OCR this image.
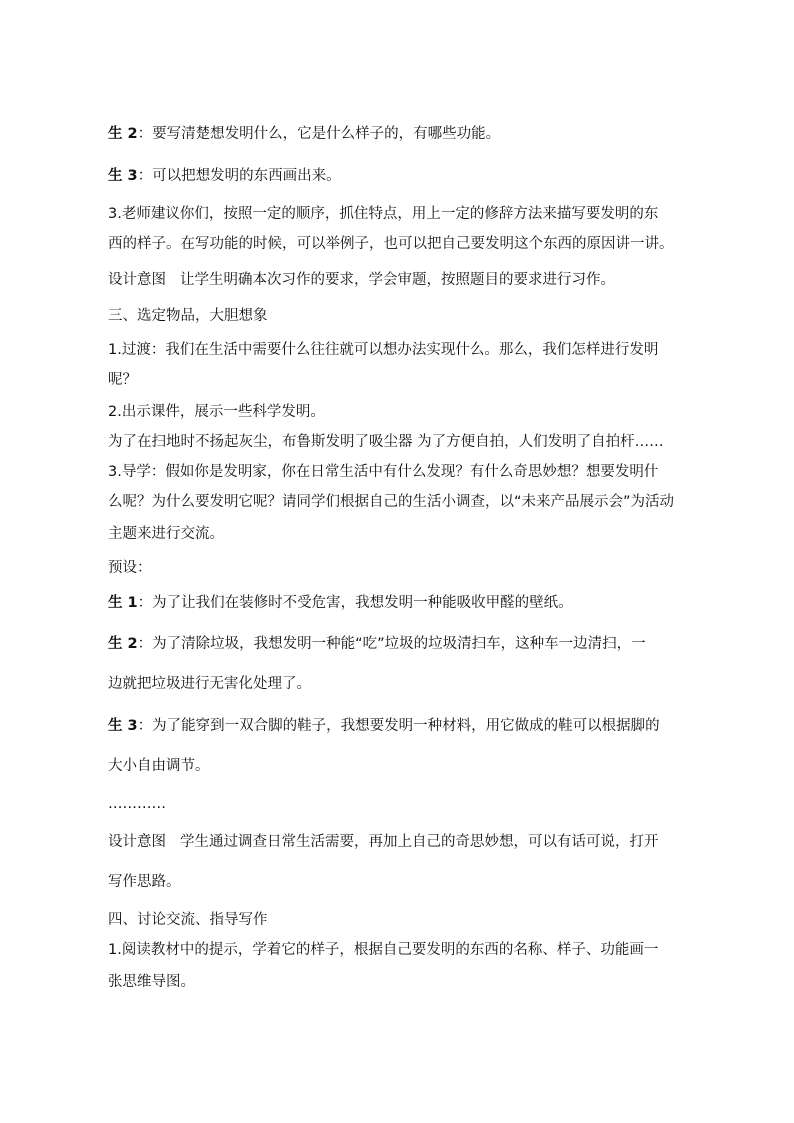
生 2：要写清楚想发明什么，它是什么样子的，有哪些功能。
生 3：可以把想发明的东西画出来。
3.老师建议你们，按照一定的顺序，抓住特点，用上一定的修辞方法来描写要发明的东
西的样子。在写功能的时候，可以举例子，也可以把自己要发明这个东西的原因讲一讲。
设计意图 让学生明确本次习作的要求，学会审题，按照题目的要求进行习作。
三、选定物品，大胆想象
1.过渡：我们在生活中需要什么往往就可以想办法实现什么。那么，我们怎样进行发明
呢？
2.出示课件，展示一些科学发明。
为了在扫地时不扬起灰尘，布鲁斯发明了吸尘器 为了方便自拍，人们发明了自拍杆……
3.导学：假如你是发明家，你在日常生活中有什么发现？有什么奇思妙想？想要发明什
么呢？为什么要发明它呢？请同学们根据自己的生活小调查，以“未来产品展示会”为活动
主题来进行交流。
预设：
生 1：为了让我们在装修时不受危害，我想发明一种能吸收甲醛的壁纸。
生 2：为了清除垃圾，我想发明一种能“吃”垃圾的垃圾清扫车，这种车一边清扫，一
边就把垃圾进行无害化处理了。
生 3：为了能穿到一双合脚的鞋子，我想要发明一种材料，用它做成的鞋可以根据脚的
大小自由调节。
…………
设计意图 学生通过调查日常生活需要，再加上自己的奇思妙想，可以有话可说，打开
写作思路。
四、讨论交流、指导写作
1.阅读教材中的提示，学着它的样子，根据自己要发明的东西的名称、样子、功能画一
张思维导图。
